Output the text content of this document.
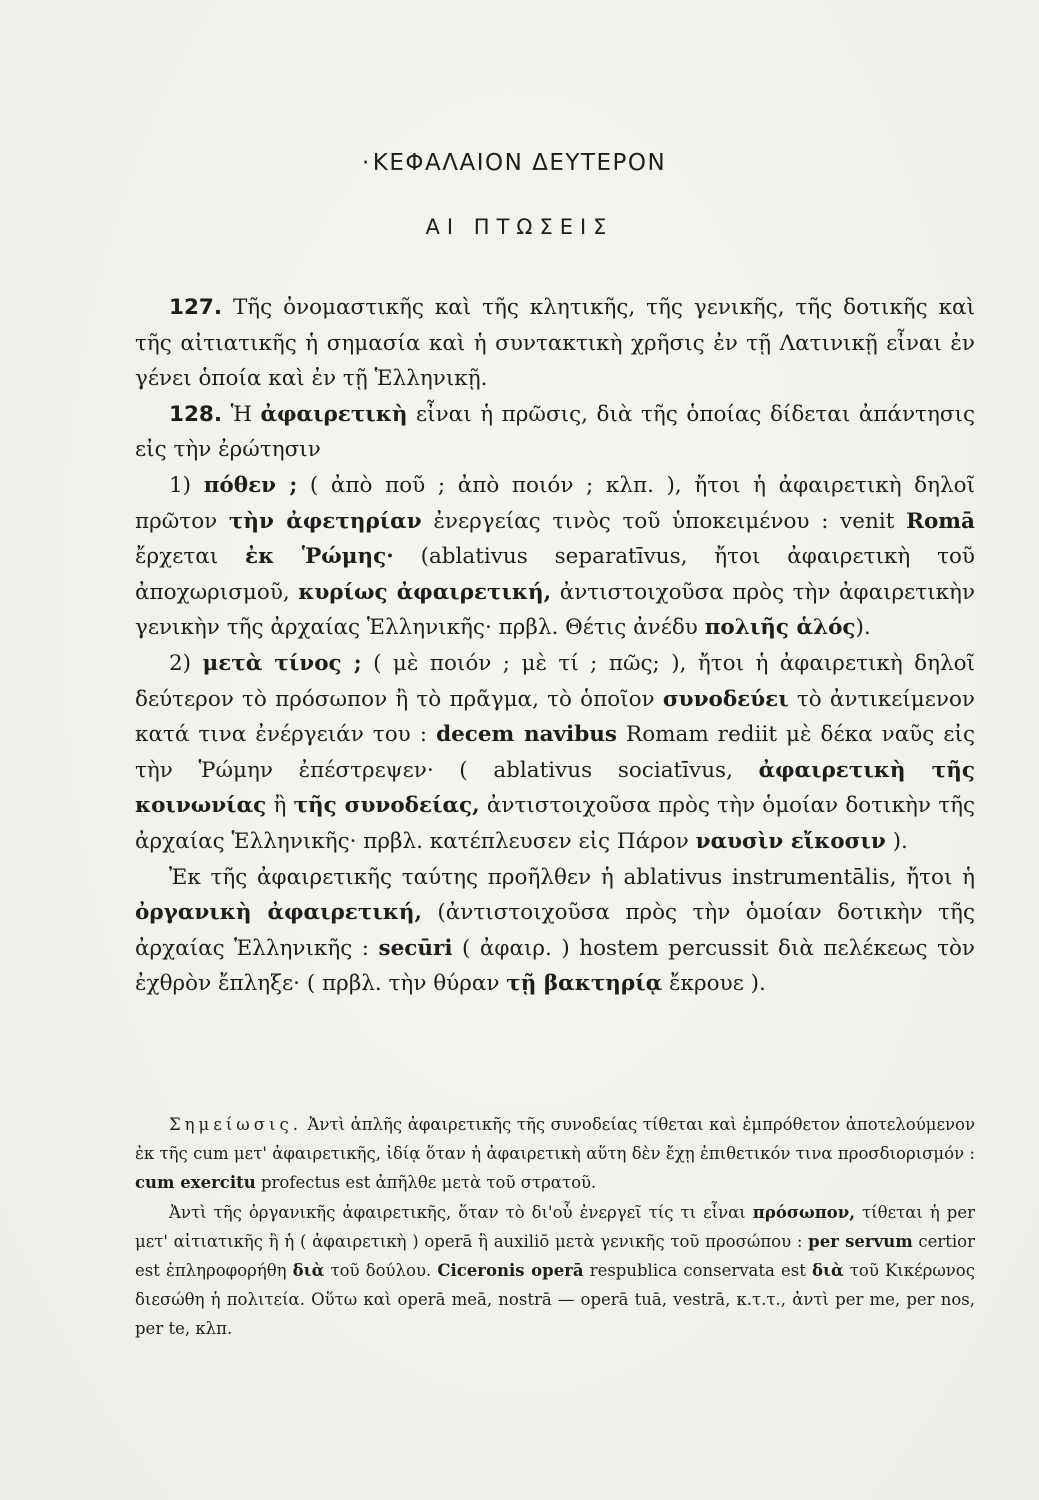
· ΚΕΦΑΛΑΙΟΝ ΔΕΥΤΕΡΟΝ
ΑΙ ΠΤΩΣΕΙΣ

127. Τῆς ὀνομαστικῆς καὶ τῆς κλητικῆς, τῆς γενικῆς, τῆς δοτικῆς καὶ τῆς αἰτιατικῆς ἡ σημασία καὶ ἡ συντακτικὴ χρῆσις ἐν τῇ Λατινικῇ εἶναι ἐν γένει ὁποία καὶ ἐν τῇ Ἑλληνικῇ.

128. Ἡ ἀφαιρετικὴ εἶναι ἡ πρῶσις, διὰ τῆς ὁποίας δίδεται ἀπάντησις εἰς τὴν ἐρώτησιν

1) πόθεν ; ( ἀπὸ ποῦ ; ἀπὸ ποιόν ; κλπ. ), ἤτοι ἡ ἀφαιρετικὴ δηλοῖ πρῶτον τὴν ἀφετηρίαν ἐνεργείας τινὸς τοῦ ὑποκειμένου : venit Romā ἔρχεται ἐκ Ῥώμης· (ablativus separatīvus, ἤτοι ἀφαιρετικὴ τοῦ ἀποχωρισμοῦ, κυρίως ἀφαιρετική, ἀντιστοιχοῦσα πρὸς τὴν ἀφαιρετικὴν γενικὴν τῆς ἀρχαίας Ἑλληνικῆς· πρβλ. Θέτις ἀνέδυ πολιῆς ἁλός).

2) μετὰ τίνος ; ( μὲ ποιόν ; μὲ τί ; πῶς; ), ἤτοι ἡ ἀφαιρετικὴ δηλοῖ δεύτερον τὸ πρόσωπον ἢ τὸ πρᾶγμα, τὸ ὁποῖον συνοδεύει τὸ ἀντικείμενον κατά τινα ἐνέργειάν του : decem navibus Romam rediit μὲ δέκα ναῦς εἰς τὴν Ῥώμην ἐπέστρεψεν· ( ablativus sociatīvus, ἀφαιρετικὴ τῆς κοινωνίας ἢ τῆς συνοδείας, ἀντιστοιχοῦσα πρὸς τὴν ὁμοίαν δοτικὴν τῆς ἀρχαίας Ἑλληνικῆς· πρβλ. κατέπλευσεν εἰς Πάρον ναυσὶν εἴκοσιν ).

Ἐκ τῆς ἀφαιρετικῆς ταύτης προῆλθεν ἡ ablativus instrumentālis, ἤτοι ἡ ὀργανικὴ ἀφαιρετική, (ἀντιστοιχοῦσα πρὸς τὴν ὁμοίαν δοτικὴν τῆς ἀρχαίας Ἑλληνικῆς : secūri ( ἀφαιρ. ) hostem percussit διὰ πελέκεως τὸν ἐχθρὸν ἔπληξε· ( πρβλ. τὴν θύραν τῇ βακτηρίᾳ ἔκρουε ).

Σημείωσις. Ἀντὶ ἁπλῆς ἀφαιρετικῆς τῆς συνοδείας τίθεται καὶ ἐμπρόθετον ἀποτελούμενον ἐκ τῆς cum μετ' ἀφαιρετικῆς, ἰδίᾳ ὅταν ἡ ἀφαιρετικὴ αὕτη δὲν ἔχῃ ἐπιθετικόν τινα προσδιορισμόν : cum exercitu profectus est ἀπῆλθε μετὰ τοῦ στρατοῦ.

Ἀντὶ τῆς ὀργανικῆς ἀφαιρετικῆς, ὅταν τὸ δι'οὗ ἐνεργεῖ τίς τι εἶναι πρόσωπον, τίθεται ἡ per μετ' αἰτιατικῆς ἢ ἡ ( ἀφαιρετικὴ ) operā ἢ auxiliō μετὰ γενικῆς τοῦ προσώπου : per servum certior est ἐπληροφορήθη διὰ τοῦ δούλου. Ciceronis operā respublica conservata est διὰ τοῦ Κικέρωνος διεσώθη ἡ πολιτεία. Οὕτω καὶ operā meā, nostrā — operā tuā, vestrā, κ.τ.τ., ἀντὶ per me, per nos, per te, κλπ.
